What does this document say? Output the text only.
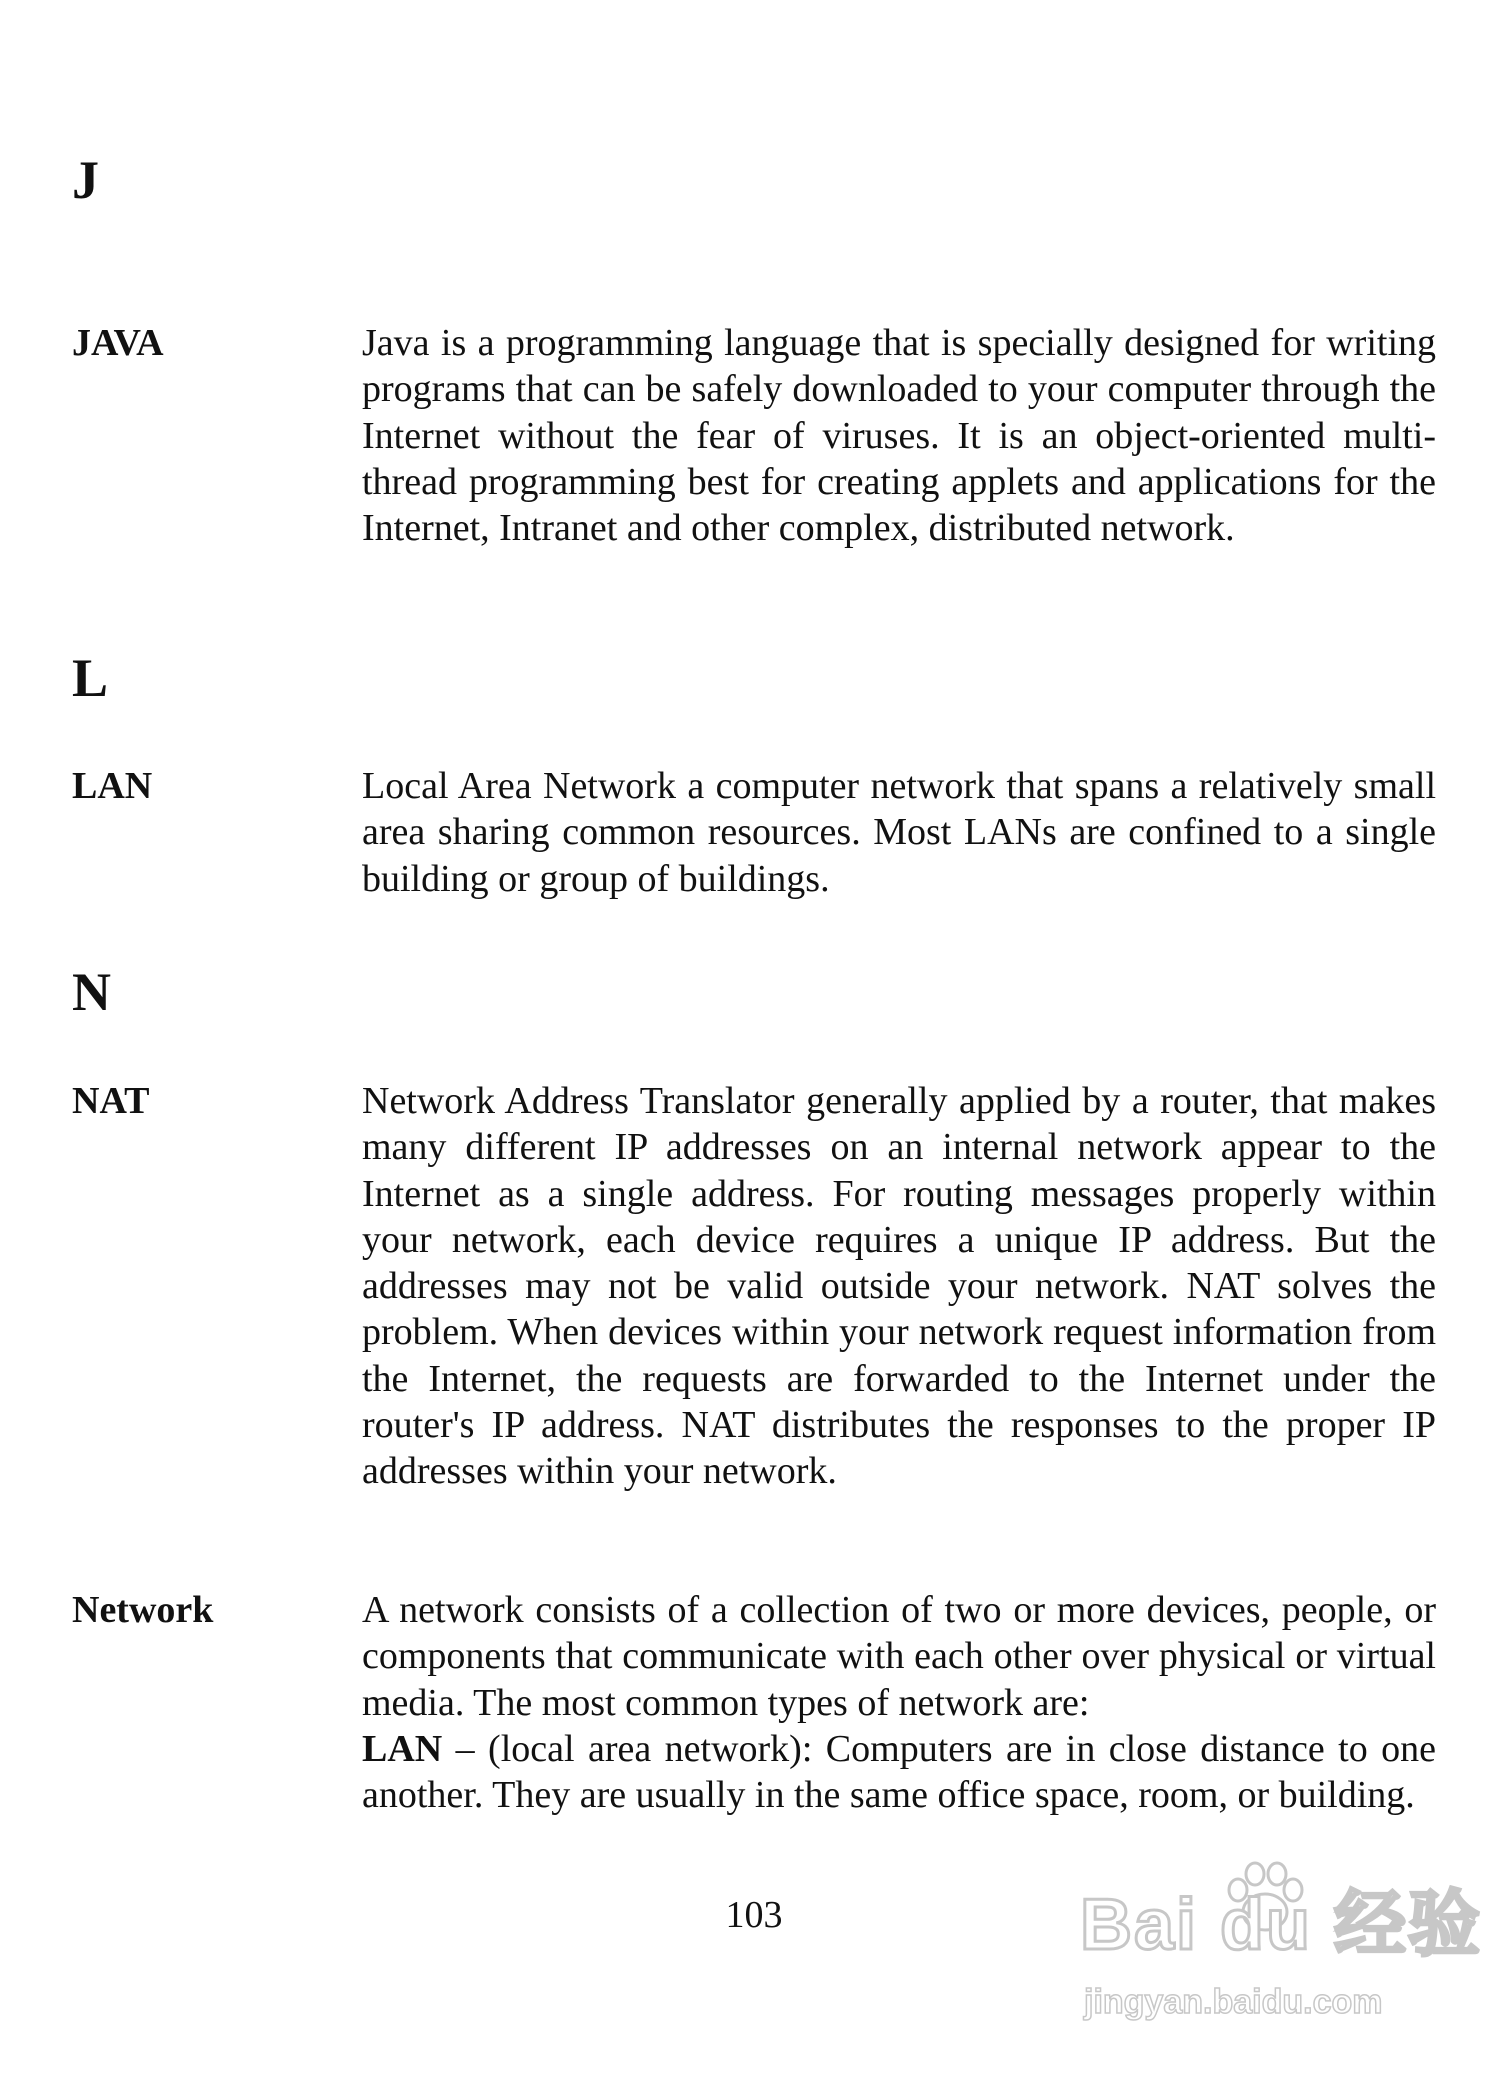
J
JAVA	Java is a programming language that is specially designed for writing programs that can be safely downloaded to your computer through the Internet without the fear of viruses. It is an object-oriented multi-thread programming best for creating applets and applications for the Internet, Intranet and other complex, distributed network.

L
LAN	Local Area Network a computer network that spans a relatively small area sharing common resources. Most LANs are confined to a single building or group of buildings.

N
NAT	Network Address Translator generally applied by a router, that makes many different IP addresses on an internal network appear to the Internet as a single address. For routing messages properly within your network, each device requires a unique IP address. But the addresses may not be valid outside your network. NAT solves the problem. When devices within your network request information from the Internet, the requests are forwarded to the Internet under the router's IP address. NAT distributes the responses to the proper IP addresses within your network.

Network	A network consists of a collection of two or more devices, people, or components that communicate with each other over physical or virtual media. The most common types of network are:

LAN – (local area network): Computers are in close distance to one another. They are usually in the same office space, room, or building.

103	Bai du 经验
jingyan.baidu.com
